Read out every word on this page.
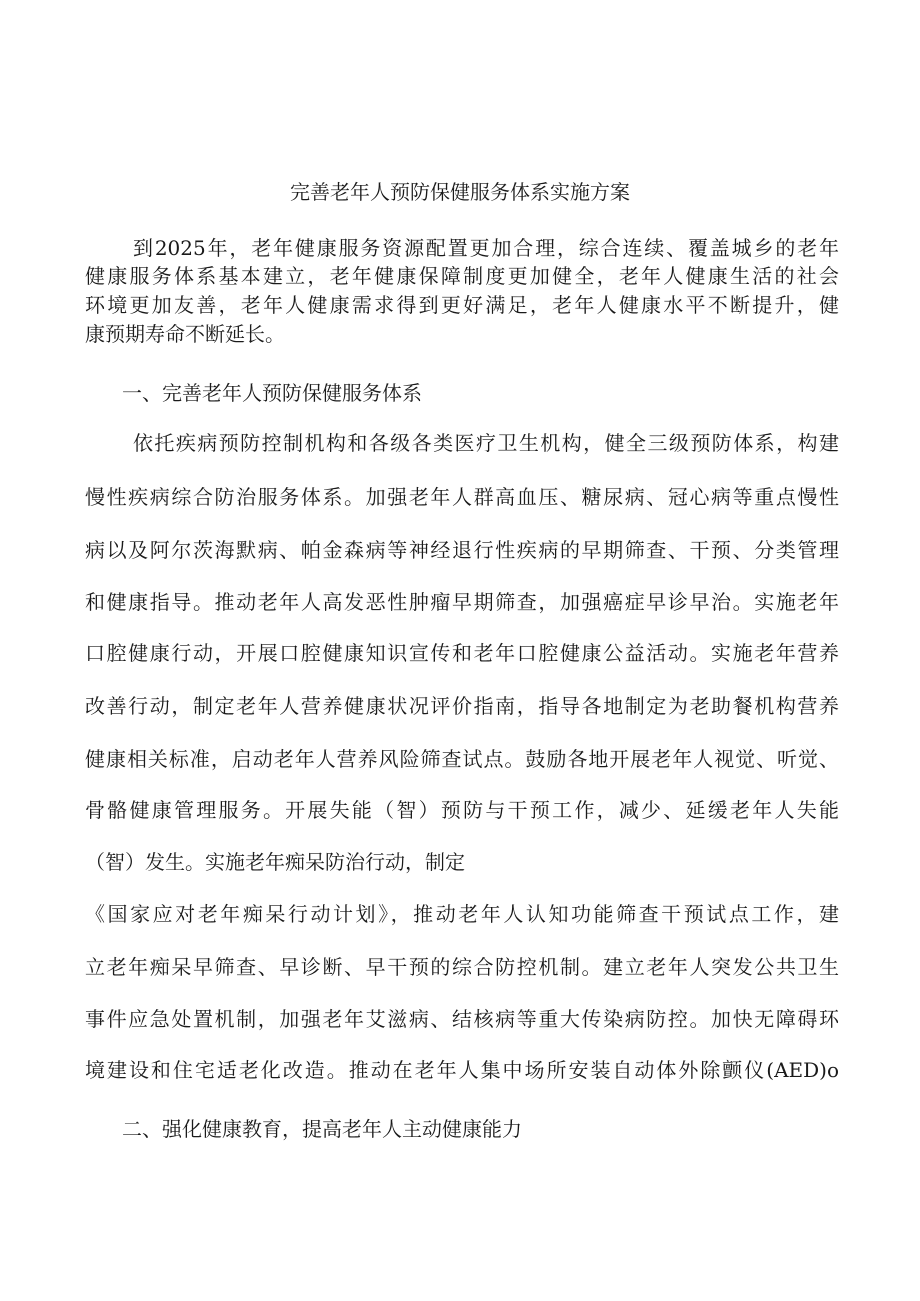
完善老年人预防保健服务体系实施方案
到2025年，老年健康服务资源配置更加合理，综合连续、覆盖城乡的老年
健康服务体系基本建立，老年健康保障制度更加健全，老年人健康生活的社会
环境更加友善，老年人健康需求得到更好满足，老年人健康水平不断提升，健
康预期寿命不断延长。
一、完善老年人预防保健服务体系
依托疾病预防控制机构和各级各类医疗卫生机构，健全三级预防体系，构建
慢性疾病综合防治服务体系。加强老年人群高血压、糖尿病、冠心病等重点慢性
病以及阿尔茨海默病、帕金森病等神经退行性疾病的早期筛查、干预、分类管理
和健康指导。推动老年人高发恶性肿瘤早期筛查，加强癌症早诊早治。实施老年
口腔健康行动，开展口腔健康知识宣传和老年口腔健康公益活动。实施老年营养
改善行动，制定老年人营养健康状况评价指南，指导各地制定为老助餐机构营养
健康相关标准，启动老年人营养风险筛查试点。鼓励各地开展老年人视觉、听觉、
骨骼健康管理服务。开展失能（智）预防与干预工作，减少、延缓老年人失能
（智）发生。实施老年痴呆防治行动，制定
《国家应对老年痴呆行动计划》，推动老年人认知功能筛查干预试点工作，建
立老年痴呆早筛查、早诊断、早干预的综合防控机制。建立老年人突发公共卫生
事件应急处置机制，加强老年艾滋病、结核病等重大传染病防控。加快无障碍环
境建设和住宅适老化改造。推动在老年人集中场所安装自动体外除颤仪(AED)o
二、强化健康教育，提高老年人主动健康能力
